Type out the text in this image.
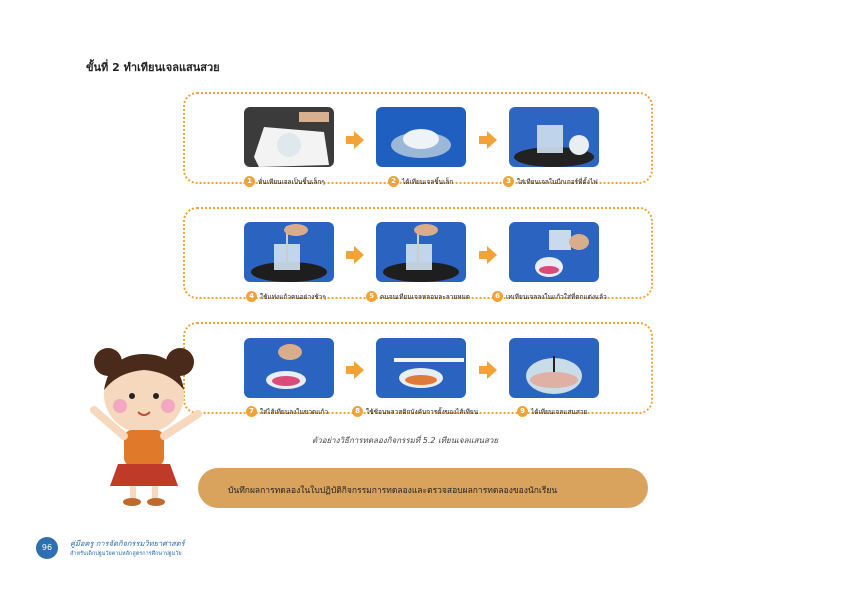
ขั้นที่ 2 ทำเทียนเจลแสนสวย
1 หั่นเทียนเจลเป็นชิ้นเล็กๆ	2 ได้เทียนเจลชิ้นเล็ก	3 ใส่เทียนเจลในบีกเกอร์ที่ตั้งไฟ
4 ใช้แท่งแก้วคนอย่างช้าๆ	5 คนจนเทียนเจลหลอมละลายหมด	6 เทเทียนเจลลงในแก้วใส่ที่ตกแต่งแล้ว
7 ใส่ไส้เทียนลงในขวดแก้ว	8 ใช้ช้อนพลาสติกบังคับการตั้งของไส้เทียน	9 ได้เทียนเจลแสนสวย
ตัวอย่างวิธีการทดลองกิจกรรมที่ 5.2 เทียนเจลแสนสวย
บันทึกผลการทดลองในใบปฏิบัติกิจกรรมการทดลองและตรวจสอบผลการทดลองของนักเรียน
96	คู่มือครู การจัดกิจกรรมวิทยาศาสตร์
สำหรับเด็กปฐมวัยตามหลักสูตรการศึกษาปฐมวัย
